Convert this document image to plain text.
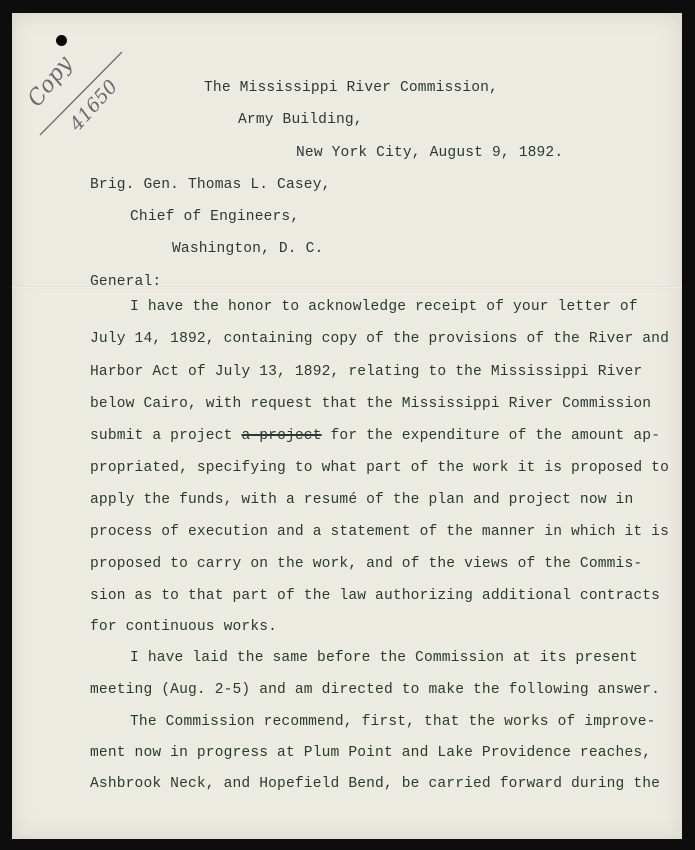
Copy
41650	The Mississippi River Commission,
Army Building,
New York City, August 9, 1892.
Brig. Gen. Thomas L. Casey,
Chief of Engineers,
Washington, D. C.
General:
I have the honor to acknowledge receipt of your letter of
July 14, 1892, containing copy of the provisions of the River and
Harbor Act of July 13, 1892, relating to the Mississippi River
below Cairo, with request that the Mississippi River Commission
submit a project a project for the expenditure of the amount ap-
propriated, specifying to what part of the work it is proposed to
apply the funds, with a resumé of the plan and project now in
process of execution and a statement of the manner in which it is
proposed to carry on the work, and of the views of the Commis-
sion as to that part of the law authorizing additional contracts
for continuous works.
I have laid the same before the Commission at its present
meeting (Aug. 2-5) and am directed to make the following answer.
The Commission recommend, first, that the works of improve-
ment now in progress at Plum Point and Lake Providence reaches,
Ashbrook Neck, and Hopefield Bend, be carried forward during the
